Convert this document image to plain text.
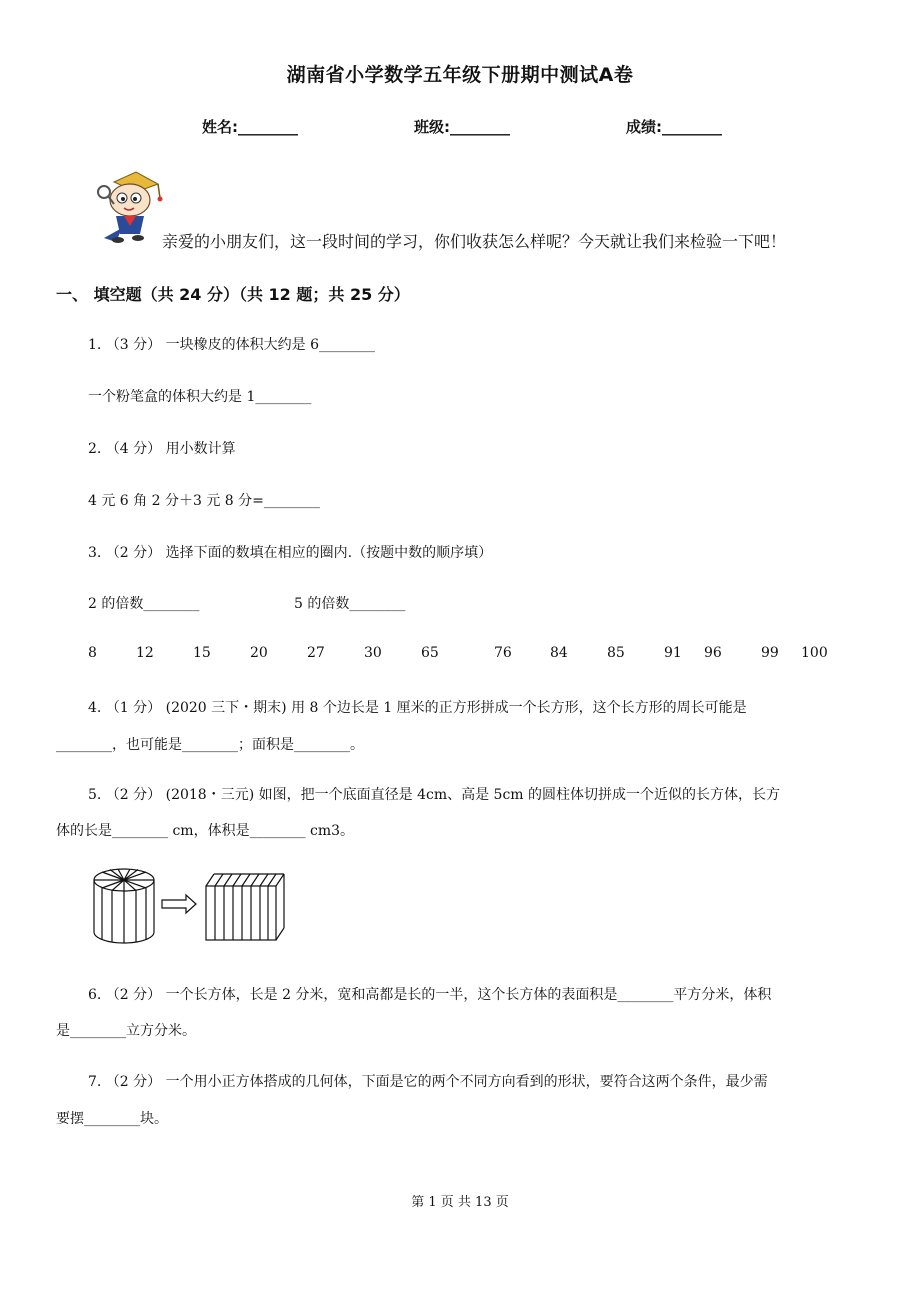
湖南省小学数学五年级下册期中测试A卷
姓名:________	班级:________	成绩:________
亲爱的小朋友们，这一段时间的学习，你们收获怎么样呢？今天就让我们来检验一下吧！
一、 填空题（共 24 分）（共 12 题；共 25 分）
1. （3 分） 一块橡皮的体积大约是 6________
一个粉笔盒的体积大约是 1________
2. （4 分） 用小数计算
4 元 6 角 2 分＋3 元 8 分=________
3. （2 分） 选择下面的数填在相应的圈内.（按题中数的顺序填）
2 的倍数________	5 的倍数________
8	12	15	20	27	30	65	76	84	85	91 96	99 100
4. （1 分） (2020 三下・期末) 用 8 个边长是 1 厘米的正方形拼成一个长方形，这个长方形的周长可能是
________，也可能是________；面积是________。
5. （2 分） (2018・三元) 如图，把一个底面直径是 4cm、高是 5cm 的圆柱体切拼成一个近似的长方体，长方
体的长是________ cm，体积是________ cm3。
6. （2 分） 一个长方体，长是 2 分米，宽和高都是长的一半，这个长方体的表面积是________平方分米，体积
是________立方分米。
7. （2 分） 一个用小正方体搭成的几何体，下面是它的两个不同方向看到的形状，要符合这两个条件，最少需
要摆________块。
第 1 页 共 13 页
